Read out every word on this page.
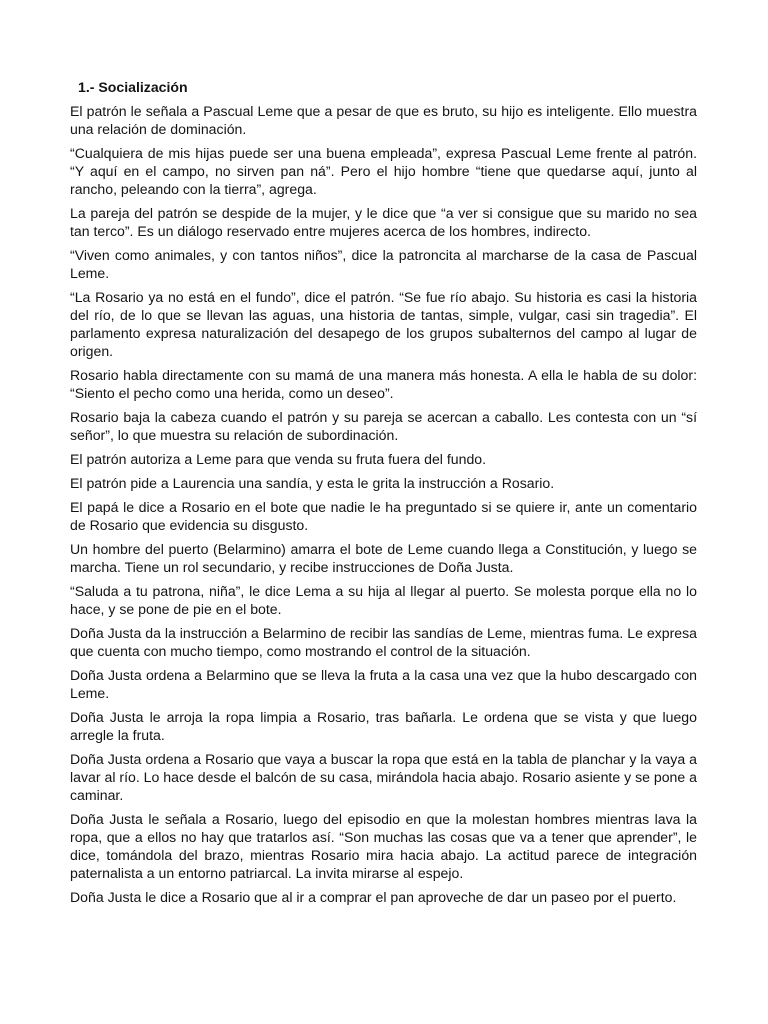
1.- Socialización

El patrón le señala a Pascual Leme que a pesar de que es bruto, su hijo es inteligente. Ello muestra una relación de dominación.

“Cualquiera de mis hijas puede ser una buena empleada”, expresa Pascual Leme frente al patrón. “Y aquí en el campo, no sirven pan ná”. Pero el hijo hombre “tiene que quedarse aquí, junto al rancho, peleando con la tierra”, agrega.

La pareja del patrón se despide de la mujer, y le dice que “a ver si consigue que su marido no sea tan terco”. Es un diálogo reservado entre mujeres acerca de los hombres, indirecto.

“Viven como animales, y con tantos niños”, dice la patroncita al marcharse de la casa de Pascual Leme.

“La Rosario ya no está en el fundo”, dice el patrón. “Se fue río abajo. Su historia es casi la historia del río, de lo que se llevan las aguas, una historia de tantas, simple, vulgar, casi sin tragedia”. El parlamento expresa naturalización del desapego de los grupos subalternos del campo al lugar de origen.

Rosario habla directamente con su mamá de una manera más honesta. A ella le habla de su dolor: “Siento el pecho como una herida, como un deseo”.

Rosario baja la cabeza cuando el patrón y su pareja se acercan a caballo. Les contesta con un “sí señor”, lo que muestra su relación de subordinación.

El patrón autoriza a Leme para que venda su fruta fuera del fundo.

El patrón pide a Laurencia una sandía, y esta le grita la instrucción a Rosario.

El papá le dice a Rosario en el bote que nadie le ha preguntado si se quiere ir, ante un comentario de Rosario que evidencia su disgusto.

Un hombre del puerto (Belarmino) amarra el bote de Leme cuando llega a Constitución, y luego se marcha. Tiene un rol secundario, y recibe instrucciones de Doña Justa.

“Saluda a tu patrona, niña”, le dice Lema a su hija al llegar al puerto. Se molesta porque ella no lo hace, y se pone de pie en el bote.

Doña Justa da la instrucción a Belarmino de recibir las sandías de Leme, mientras fuma. Le expresa que cuenta con mucho tiempo, como mostrando el control de la situación.

Doña Justa ordena a Belarmino que se lleva la fruta a la casa una vez que la hubo descargado con Leme.

Doña Justa le arroja la ropa limpia a Rosario, tras bañarla. Le ordena que se vista y que luego arregle la fruta.

Doña Justa ordena a Rosario que vaya a buscar la ropa que está en la tabla de planchar y la vaya a lavar al río. Lo hace desde el balcón de su casa, mirándola hacia abajo. Rosario asiente y se pone a caminar.

Doña Justa le señala a Rosario, luego del episodio en que la molestan hombres mientras lava la ropa, que a ellos no hay que tratarlos así. “Son muchas las cosas que va a tener que aprender”, le dice, tomándola del brazo, mientras Rosario mira hacia abajo. La actitud parece de integración paternalista a un entorno patriarcal. La invita mirarse al espejo.

Doña Justa le dice a Rosario que al ir a comprar el pan aproveche de dar un paseo por el puerto.
